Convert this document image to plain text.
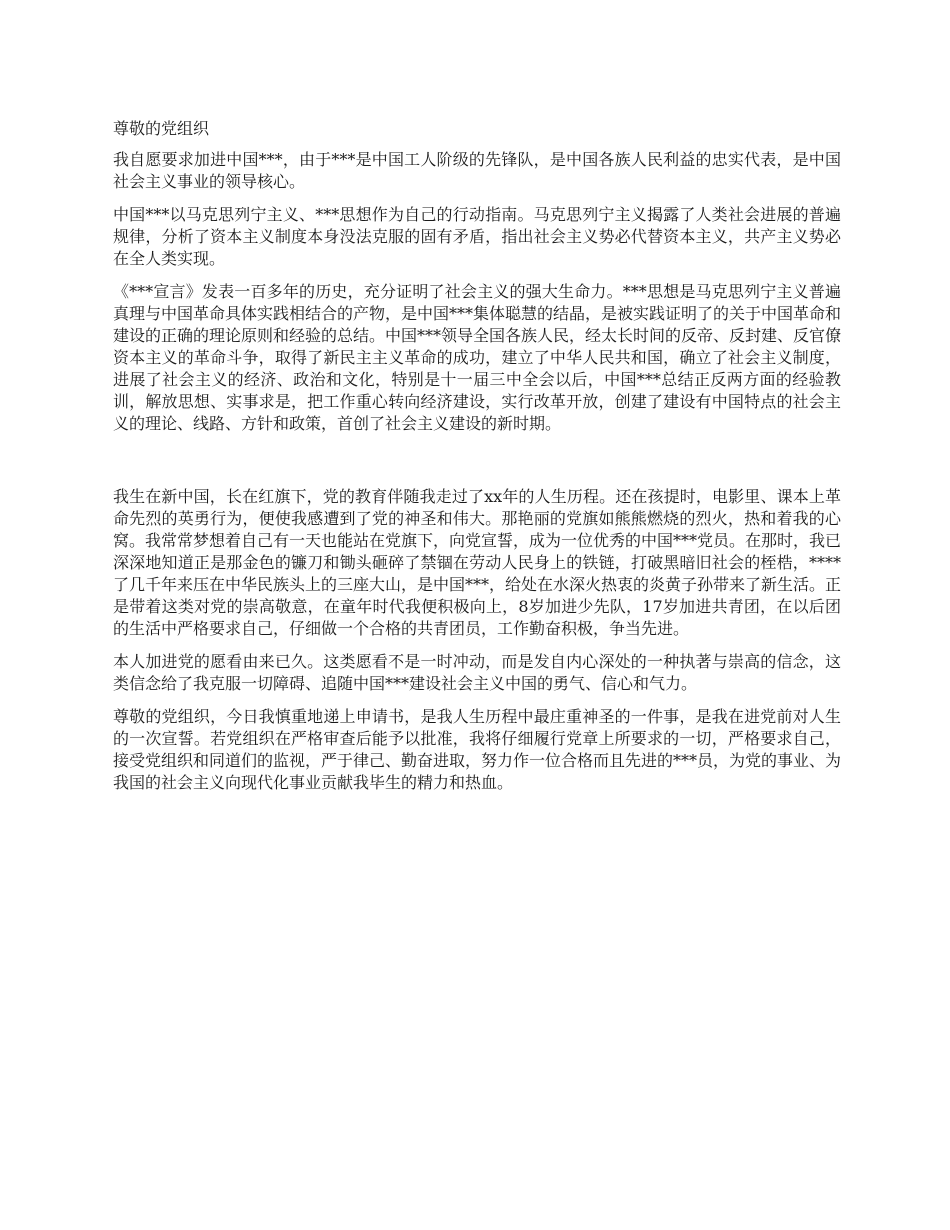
尊敬的党组织

我自愿要求加进中国***，由于***是中国工人阶级的先锋队，是中国各族人民利益的忠实代表，是中国社会主义事业的领导核心。

中国***以马克思列宁主义、***思想作为自己的行动指南。马克思列宁主义揭露了人类社会进展的普遍规律，分析了资本主义制度本身没法克服的固有矛盾，指出社会主义势必代替资本主义，共产主义势必在全人类实现。

《***宣言》发表一百多年的历史，充分证明了社会主义的强大生命力。***思想是马克思列宁主义普遍真理与中国革命具体实践相结合的产物，是中国***集体聪慧的结晶，是被实践证明了的关于中国革命和建设的正确的理论原则和经验的总结。中国***领导全国各族人民，经太长时间的反帝、反封建、反官僚资本主义的革命斗争，取得了新民主主义革命的成功，建立了中华人民共和国，确立了社会主义制度，进展了社会主义的经济、政治和文化，特别是十一届三中全会以后，中国***总结正反两方面的经验教训，解放思想、实事求是，把工作重心转向经济建设，实行改革开放，创建了建设有中国特点的社会主义的理论、线路、方针和政策，首创了社会主义建设的新时期。

我生在新中国，长在红旗下，党的教育伴随我走过了xx年的人生历程。还在孩提时，电影里、课本上革命先烈的英勇行为，便使我感遭到了党的神圣和伟大。那艳丽的党旗如熊熊燃烧的烈火，热和着我的心窝。我常常梦想着自己有一天也能站在党旗下，向党宣誓，成为一位优秀的中国***党员。在那时，我已深深地知道正是那金色的镰刀和锄头砸碎了禁锢在劳动人民身上的铁链，打破黑暗旧社会的桎梏，****了几千年来压在中华民族头上的三座大山，是中国***，给处在水深火热衷的炎黄子孙带来了新生活。正是带着这类对党的崇高敬意，在童年时代我便积极向上，8岁加进少先队，17岁加进共青团，在以后团的生活中严格要求自己，仔细做一个合格的共青团员，工作勤奋积极，争当先进。

本人加进党的愿看由来已久。这类愿看不是一时冲动，而是发自内心深处的一种执著与崇高的信念，这类信念给了我克服一切障碍、追随中国***建设社会主义中国的勇气、信心和气力。

尊敬的党组织，今日我慎重地递上申请书，是我人生历程中最庄重神圣的一件事，是我在进党前对人生的一次宣誓。若党组织在严格审查后能予以批准，我将仔细履行党章上所要求的一切，严格要求自己，接受党组织和同道们的监视，严于律己、勤奋进取，努力作一位合格而且先进的***员，为党的事业、为我国的社会主义向现代化事业贡献我毕生的精力和热血。
